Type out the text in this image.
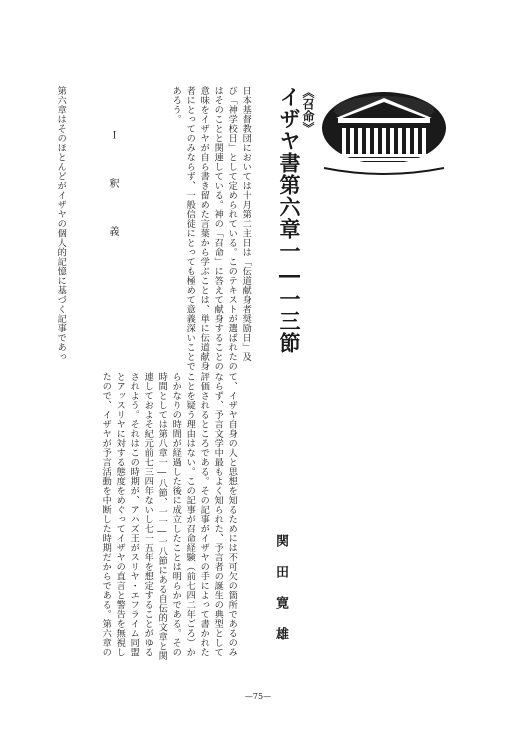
《召命》
イザヤ書第六章一―一三節
日本基督教団においては十月第二主日は「伝道献身者奨励日」及
び「神学校日」として定められている。このテキストが選ばれたの
はそのことと関連している。神の「召命」に答えて献身することの
意味をイザヤが自ら書き留めた言葉から学ぶことは、単に伝道献身
者にとってのみならず、一般信徒にとっても極めて意義深いことで
あろう。
Ｉ　釈　義
第六章はそのほとんどがイザヤの個人的記憶に基づく記事であっ
関田寛雄
て、イザヤ自身の人と思想を知るためには不可欠の箇所であるのみ
ならず、予言文学中最もよく知られた、予言者の誕生の典型として
評価されるところである。その記事がイザヤの手によって書かれた
ことを疑う理由はない。この記事が召命経験（前七四二年ごろ）か
らかなりの時間が経過した後に成立したことは明らかである。その
時間としては第八章一―八節、一一―一八節にある自伝的文章と関
連しておよそ紀元前七三四年ないし七一五年を想定することがゆる
されよう。それはこの時期が、アハズ王がスリヤ・エフライム同盟
とアッスリヤに対する態度をめぐってイザヤの直言と警告を無視し
たので、イザヤが予言活動を中断した時期だからである。第六章の
—75—
